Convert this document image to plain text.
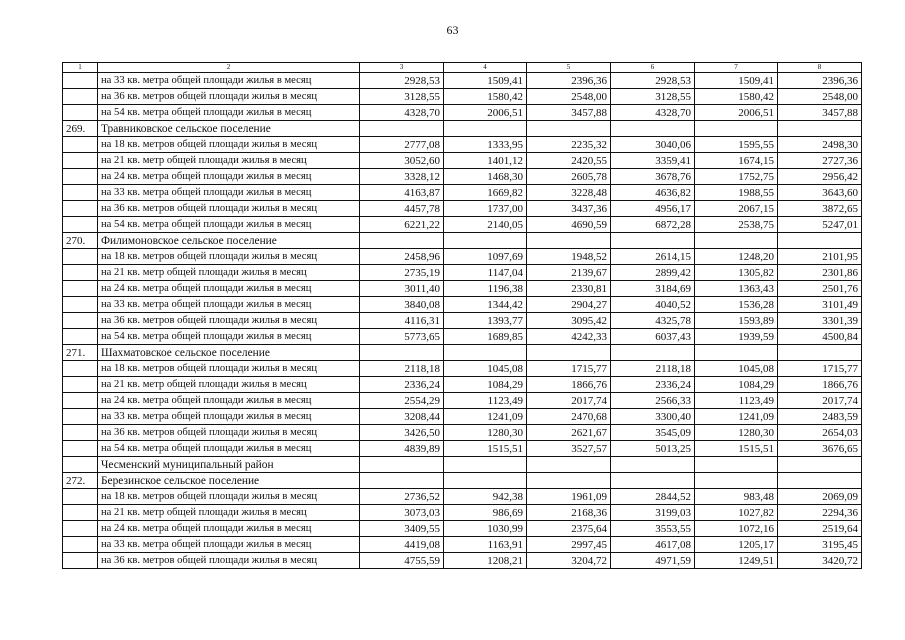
63
1	2	3	4	5	6	7	8
	на 33 кв. метра общей площади жилья в месяц	2928,53	1509,41	2396,36	2928,53	1509,41	2396,36
	на 36 кв. метров общей площади жилья в месяц	3128,55	1580,42	2548,00	3128,55	1580,42	2548,00
	на 54 кв. метра общей площади жилья в месяц	4328,70	2006,51	3457,88	4328,70	2006,51	3457,88
269.	Травниковское сельское поселение						
	на 18 кв. метров общей площади жилья в месяц	2777,08	1333,95	2235,32	3040,06	1595,55	2498,30
	на 21 кв. метр общей площади жилья в месяц	3052,60	1401,12	2420,55	3359,41	1674,15	2727,36
	на 24 кв. метра общей площади жилья в месяц	3328,12	1468,30	2605,78	3678,76	1752,75	2956,42
	на 33 кв. метра общей площади жилья в месяц	4163,87	1669,82	3228,48	4636,82	1988,55	3643,60
	на 36 кв. метров общей площади жилья в месяц	4457,78	1737,00	3437,36	4956,17	2067,15	3872,65
	на 54 кв. метра общей площади жилья в месяц	6221,22	2140,05	4690,59	6872,28	2538,75	5247,01
270.	Филимоновское сельское поселение						
	на 18 кв. метров общей площади жилья в месяц	2458,96	1097,69	1948,52	2614,15	1248,20	2101,95
	на 21 кв. метр общей площади жилья в месяц	2735,19	1147,04	2139,67	2899,42	1305,82	2301,86
	на 24 кв. метра общей площади жилья в месяц	3011,40	1196,38	2330,81	3184,69	1363,43	2501,76
	на 33 кв. метра общей площади жилья в месяц	3840,08	1344,42	2904,27	4040,52	1536,28	3101,49
	на 36 кв. метров общей площади жилья в месяц	4116,31	1393,77	3095,42	4325,78	1593,89	3301,39
	на 54 кв. метра общей площади жилья в месяц	5773,65	1689,85	4242,33	6037,43	1939,59	4500,84
271.	Шахматовское сельское поселение						
	на 18 кв. метров общей площади жилья в месяц	2118,18	1045,08	1715,77	2118,18	1045,08	1715,77
	на 21 кв. метр общей площади жилья в месяц	2336,24	1084,29	1866,76	2336,24	1084,29	1866,76
	на 24 кв. метра общей площади жилья в месяц	2554,29	1123,49	2017,74	2566,33	1123,49	2017,74
	на 33 кв. метра общей площади жилья в месяц	3208,44	1241,09	2470,68	3300,40	1241,09	2483,59
	на 36 кв. метров общей площади жилья в месяц	3426,50	1280,30	2621,67	3545,09	1280,30	2654,03
	на 54 кв. метра общей площади жилья в месяц	4839,89	1515,51	3527,57	5013,25	1515,51	3676,65
	Чесменский муниципальный район						
272.	Березинское сельское поселение						
	на 18 кв. метров общей площади жилья в месяц	2736,52	942,38	1961,09	2844,52	983,48	2069,09
	на 21 кв. метр общей площади жилья в месяц	3073,03	986,69	2168,36	3199,03	1027,82	2294,36
	на 24 кв. метра общей площади жилья в месяц	3409,55	1030,99	2375,64	3553,55	1072,16	2519,64
	на 33 кв. метра общей площади жилья в месяц	4419,08	1163,91	2997,45	4617,08	1205,17	3195,45
	на 36 кв. метров общей площади жилья в месяц	4755,59	1208,21	3204,72	4971,59	1249,51	3420,72
